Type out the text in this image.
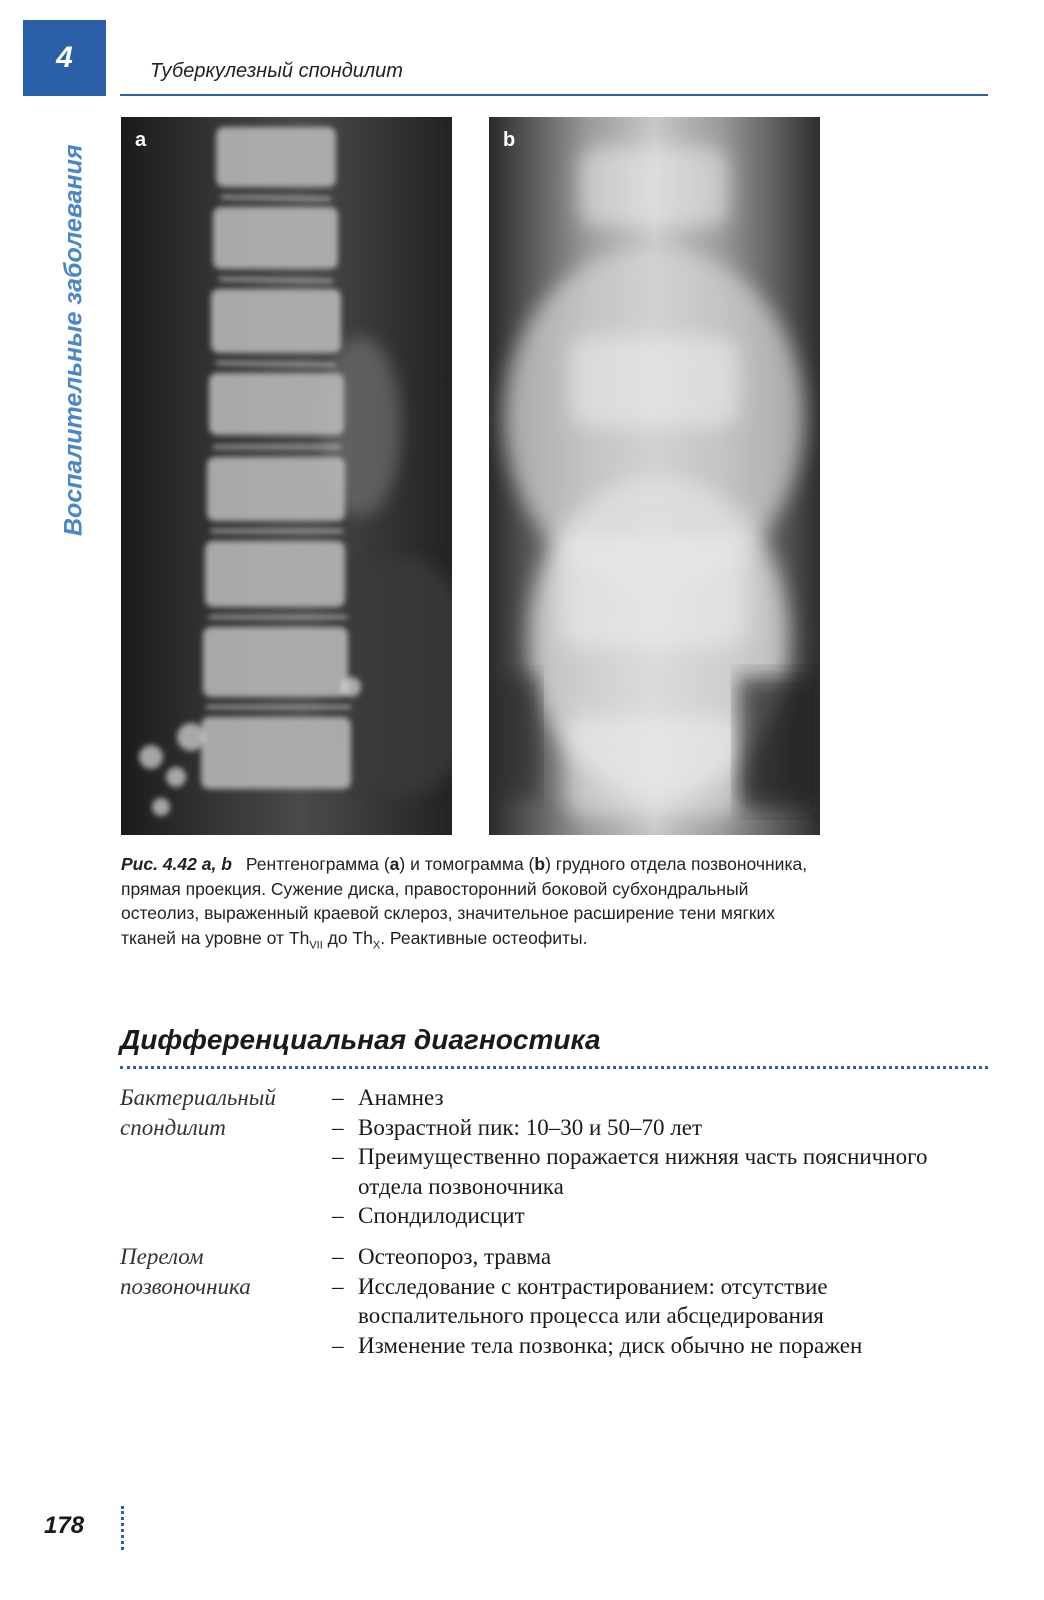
4	Туберкулезный спондилит
Воспалительные заболевания
a	b
Рис. 4.42 a, b Рентгенограмма (a) и томограмма (b) грудного отдела позвоночника, прямая проекция. Сужение диска, правосторонний боковой субхондральный остеолиз, выраженный краевой склероз, значительное расширение тени мягких тканей на уровне от $Th_{VII}$ до $Th_X$. Реактивные остеофиты.
Дифференциальная диагностика
Бактериальный спондилит
– Анамнез
– Возрастной пик: 10–30 и 50–70 лет
– Преимущественно поражается нижняя часть поясничного отдела позвоночника
– Спондилодисцит
Перелом позвоночника
– Остеопороз, травма
– Исследование с контрастированием: отсутствие воспалительного процесса или абсцедирования
– Изменение тела позвонка; диск обычно не поражен
178
